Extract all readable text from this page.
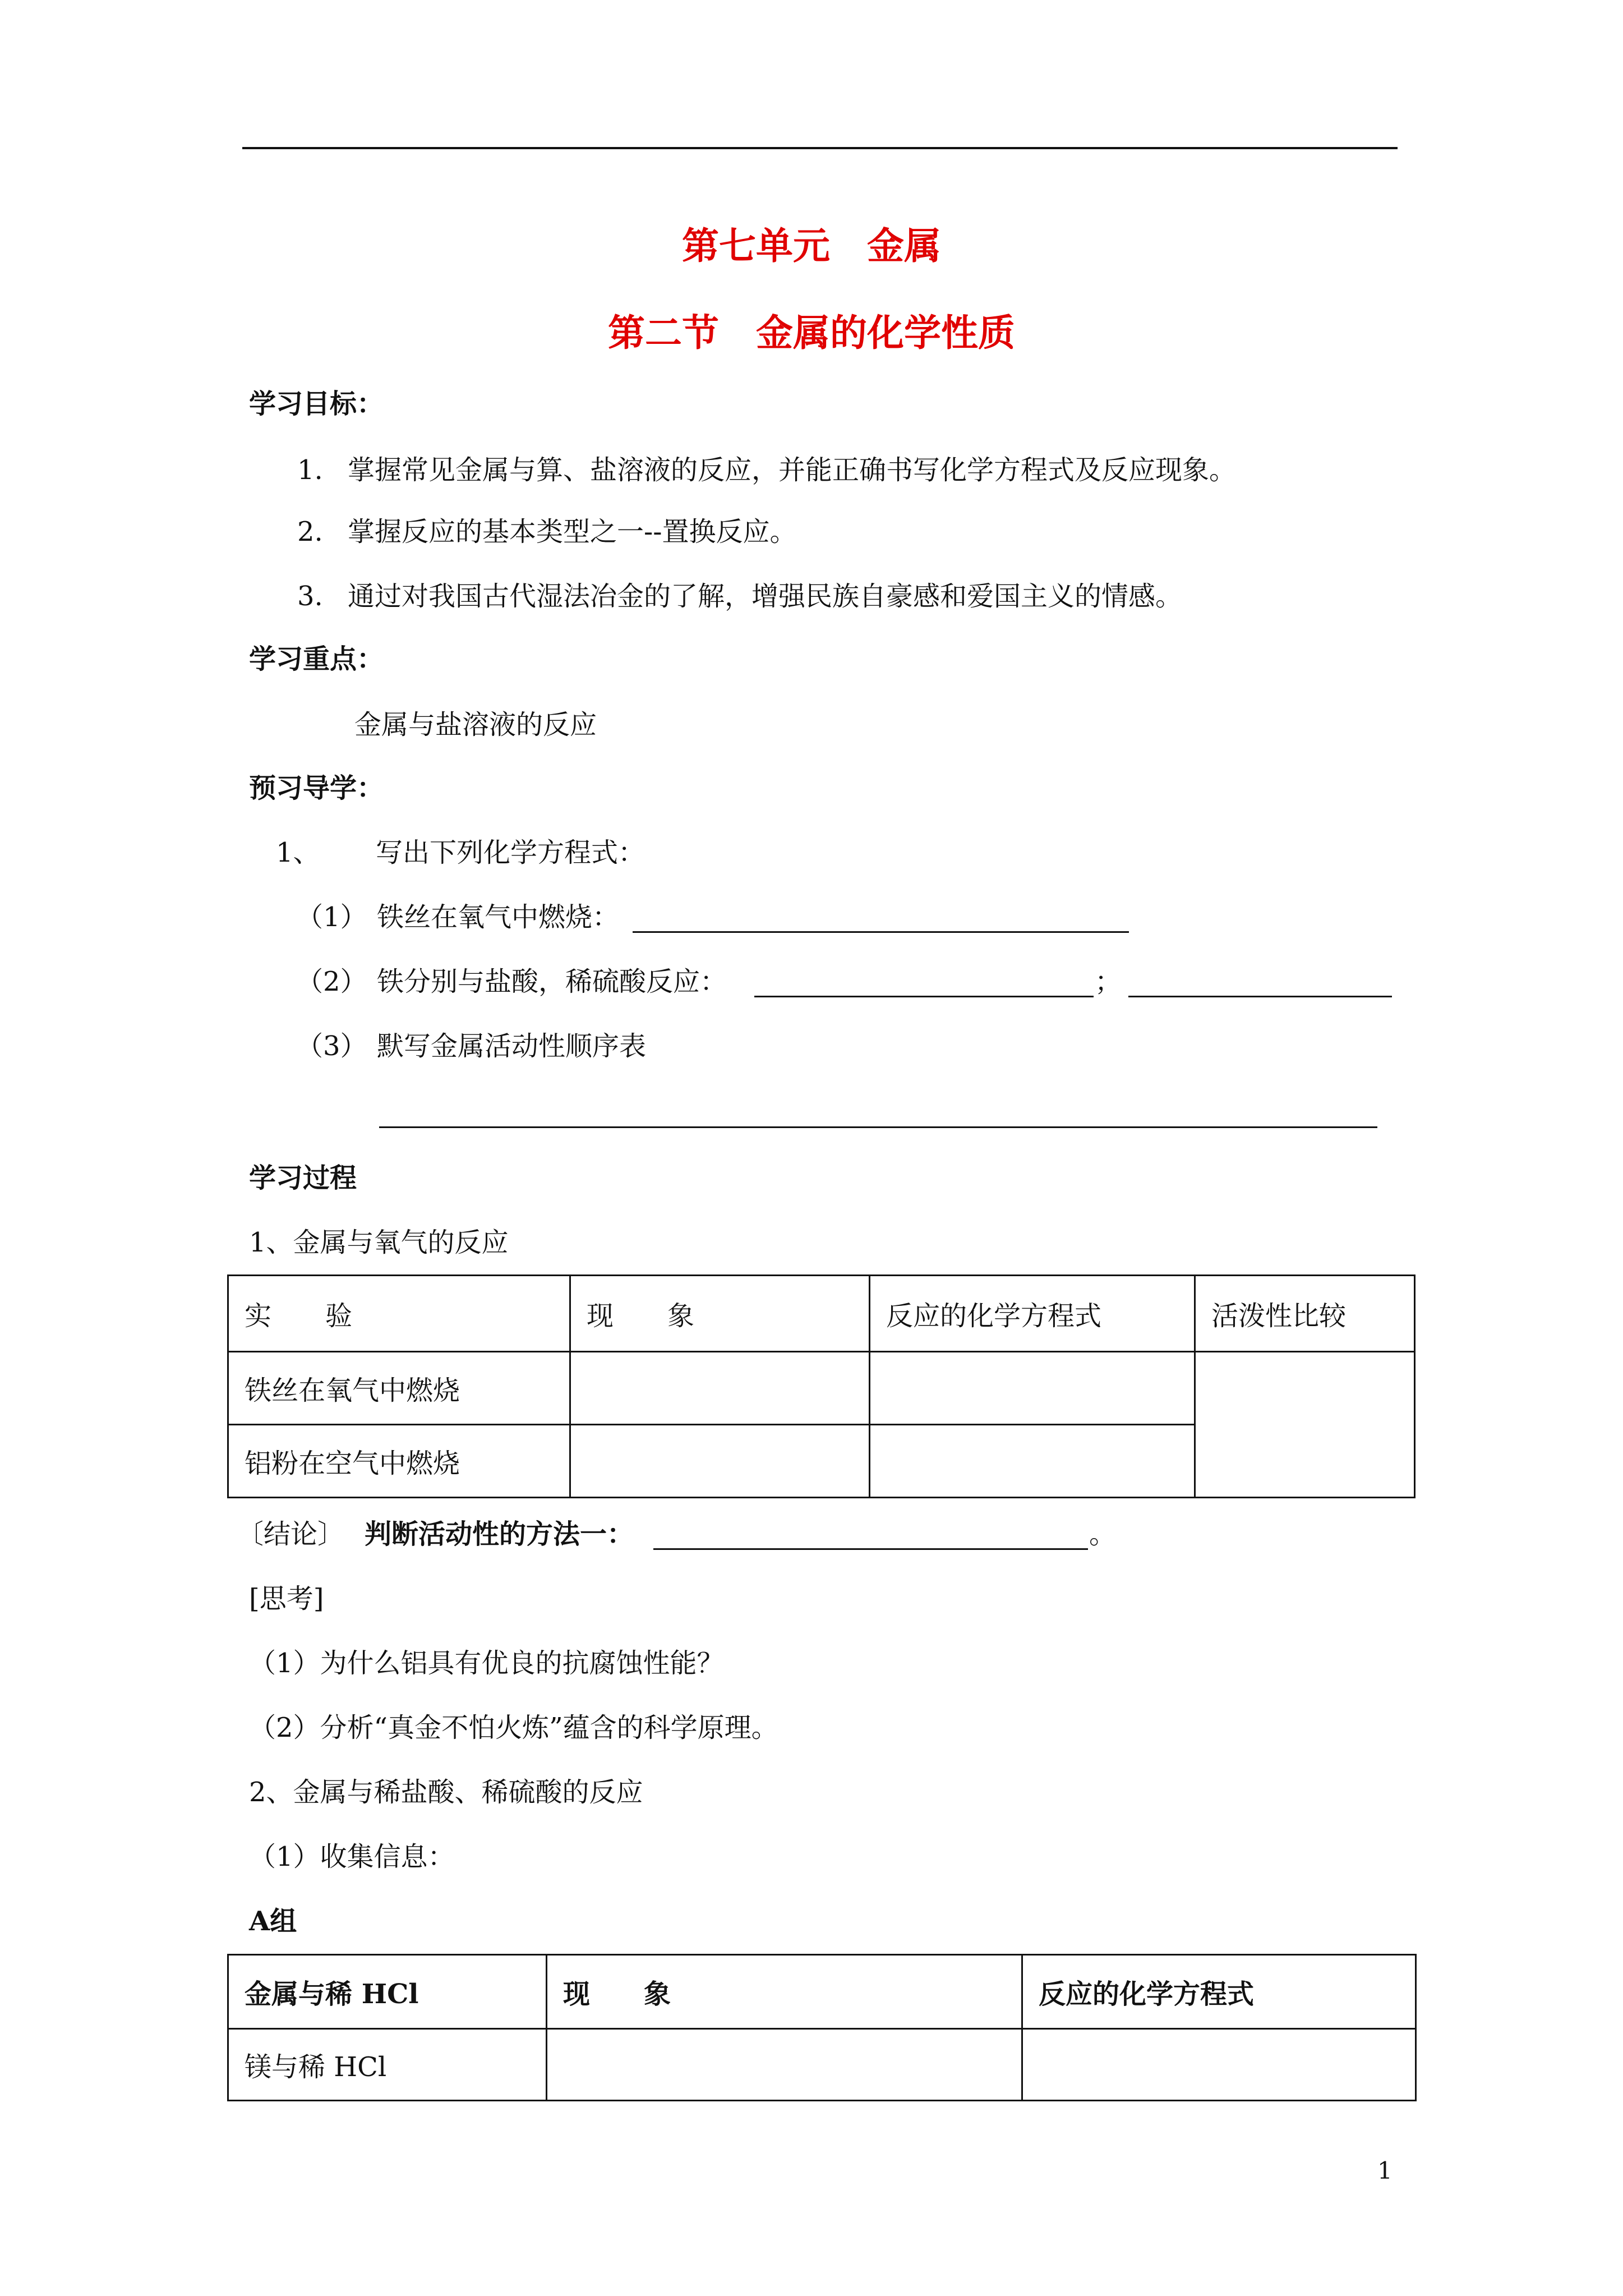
第七单元　金属
第二节　金属的化学性质
学习目标：
1. 掌握常见金属与算、盐溶液的反应，并能正确书写化学方程式及反应现象。
2. 掌握反应的基本类型之一--置换反应。
3. 通过对我国古代湿法冶金的了解，增强民族自豪感和爱国主义的情感。
学习重点：
金属与盐溶液的反应
预习导学：
1、 写出下列化学方程式：
（1） 铁丝在氧气中燃烧：
（2） 铁分别与盐酸，稀硫酸反应：	；
（3） 默写金属活动性顺序表
学习过程
1、金属与氧气的反应
实　　验	现　　象	反应的化学方程式	活泼性比较
铁丝在氧气中燃烧			
铝粉在空气中燃烧			
〔结论〕 判断活动性的方法一：	。
[思考]
（1）为什么铝具有优良的抗腐蚀性能？
（2）分析“真金不怕火炼”蕴含的科学原理。
2、金属与稀盐酸、稀硫酸的反应
（1）收集信息：
A组
金属与稀 HCl	现　　象	反应的化学方程式
镁与稀 HCl		
1
